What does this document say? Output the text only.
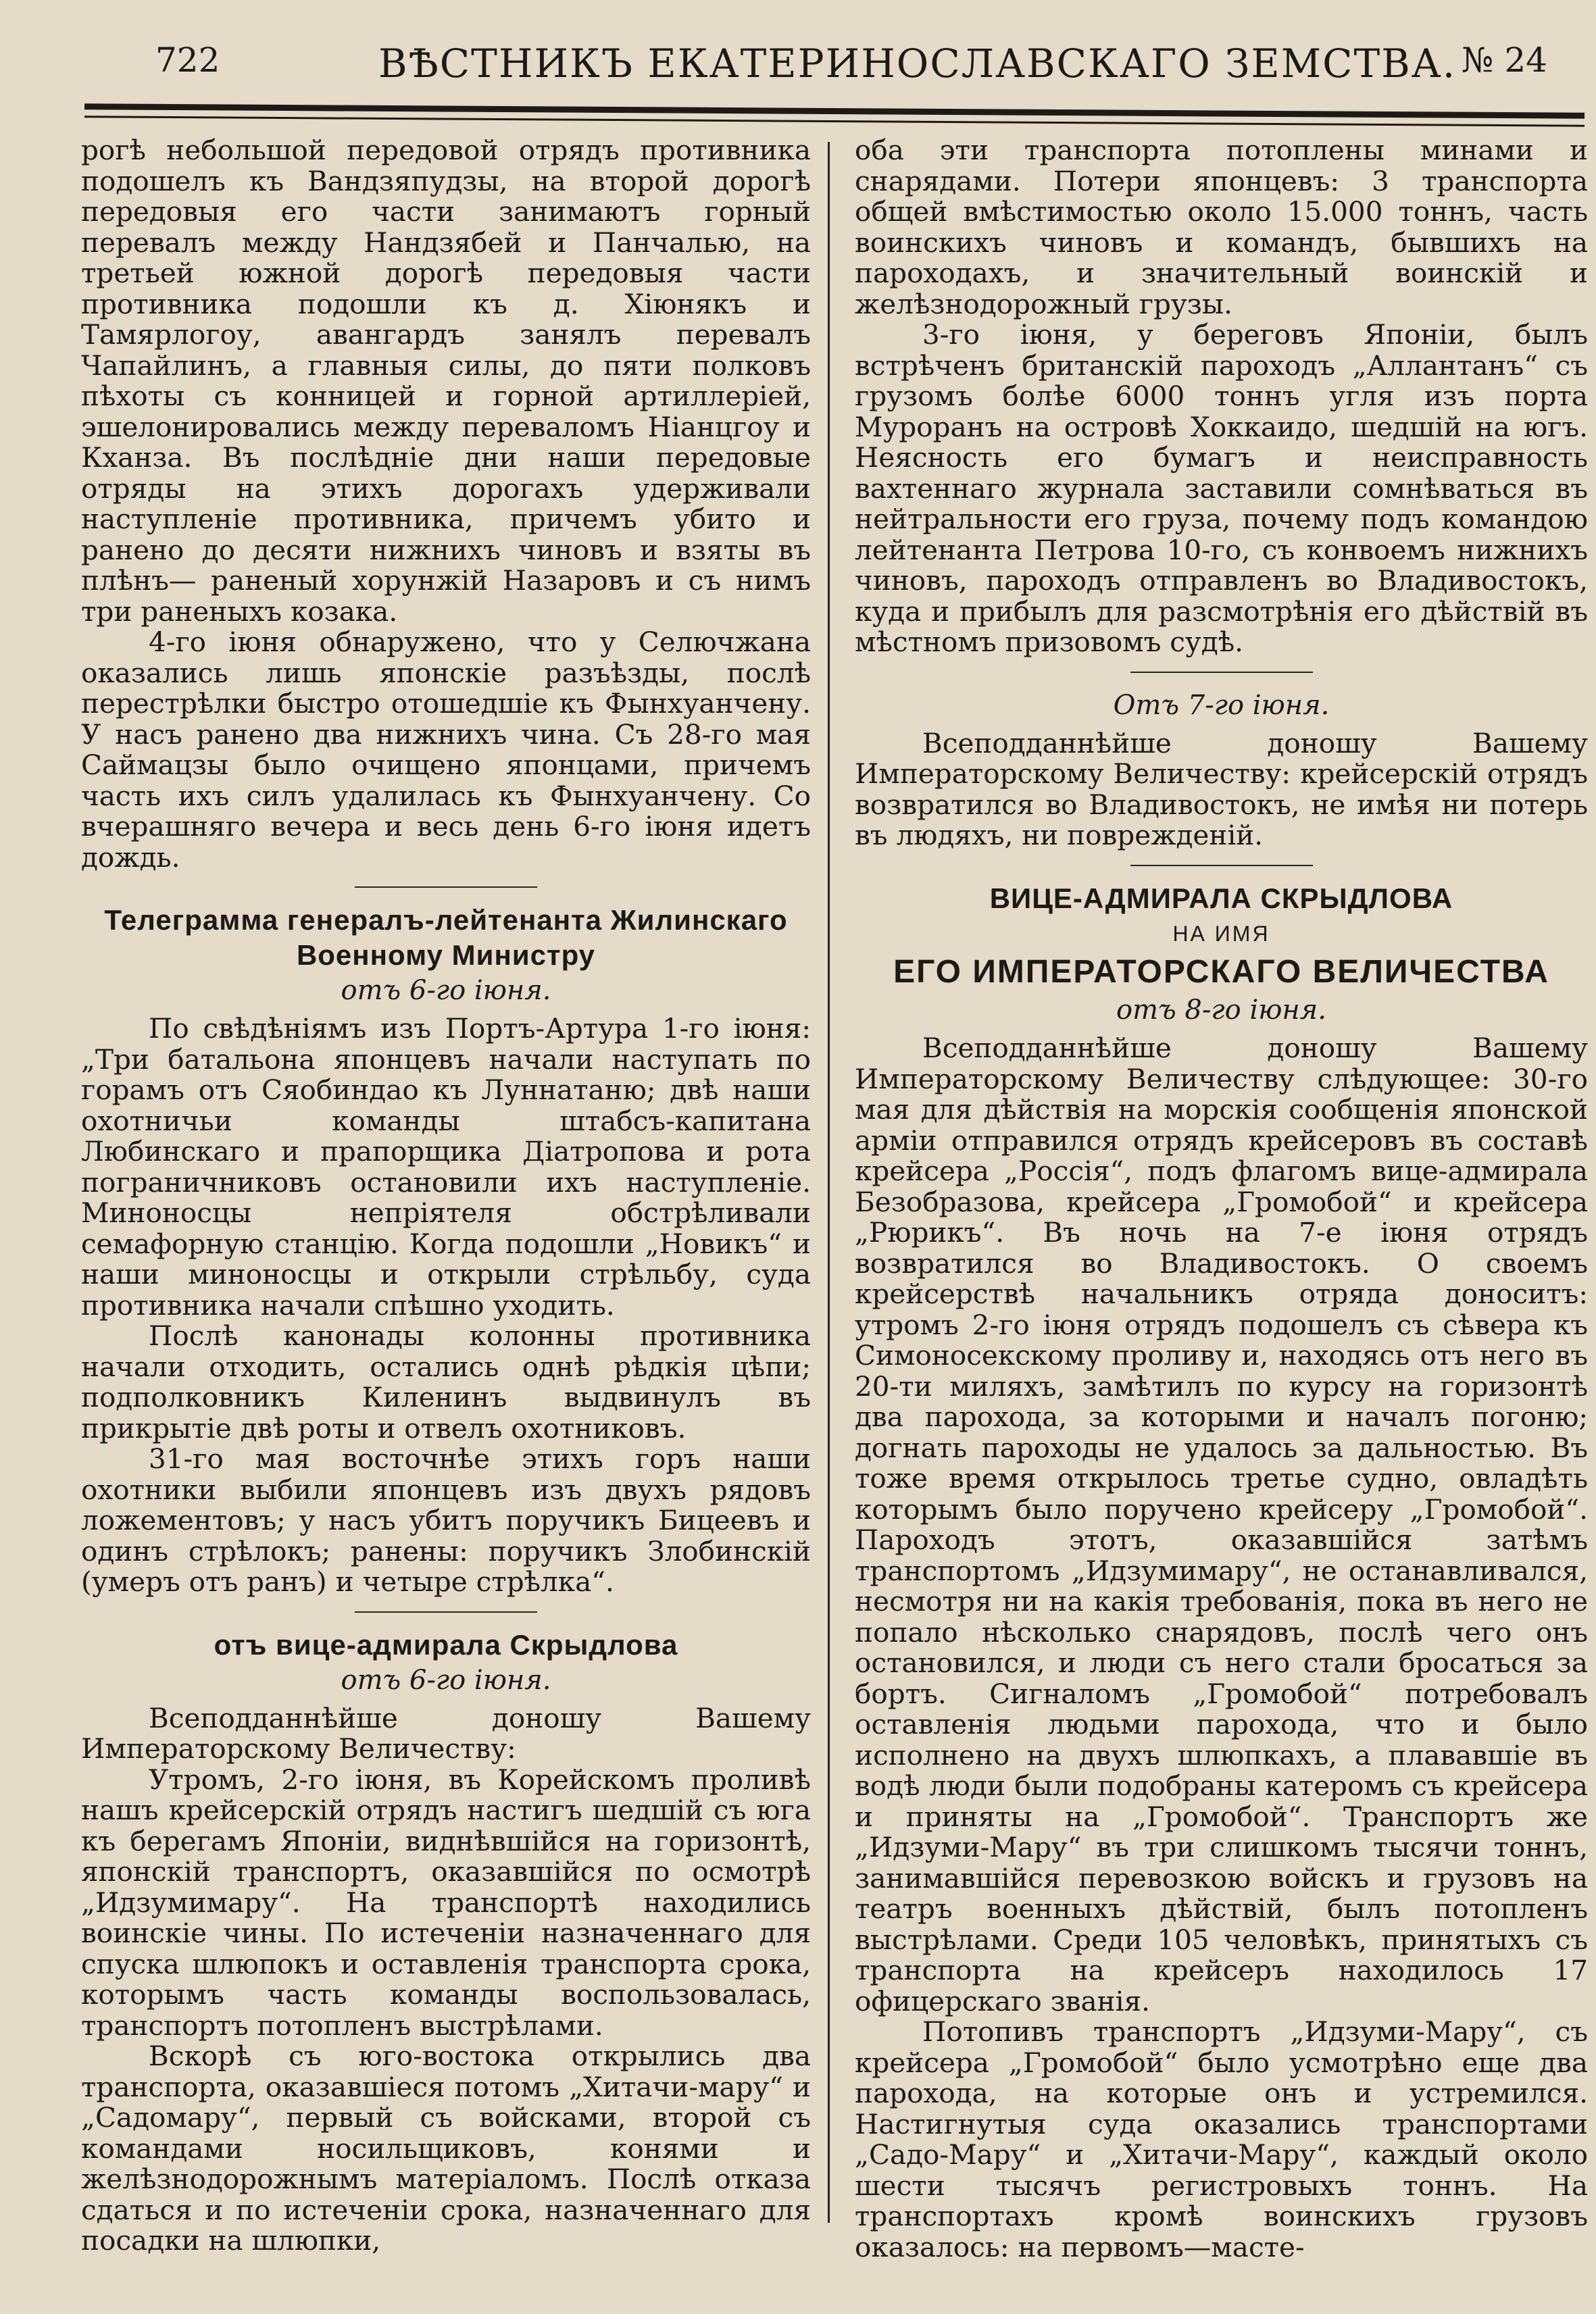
722	ВѢСТНИКЪ ЕКАТЕРИНОСЛАВСКАГО ЗЕМСТВА. № 24

рогѣ небольшой передовой отрядъ противника подошелъ къ Вандзяпудзы, на второй дорогѣ передовыя его части занимаютъ горный перевалъ между Нандзябей и Панчалью, на третьей южной дорогѣ передовыя части противника подошли къ д. Хіюнякъ и Тамярлогоу, авангардъ занялъ перевалъ Чапайлинъ, а главныя силы, до пяти полковъ пѣхоты съ конницей и горной артиллеріей, эшелонировались между переваломъ Ніанцгоу и Кханза. Въ послѣдніе дни наши передовые отряды на этихъ дорогахъ удерживали наступленіе противника, причемъ убито и ранено до десяти нижнихъ чиновъ и взяты въ плѣнъ— раненый хорунжій Назаровъ и съ нимъ три раненыхъ козака.

4-го іюня обнаружено, что у Селючжана оказались лишь японскіе разъѣзды, послѣ перестрѣлки быстро отошедшіе къ Фынхуанчену. У насъ ранено два нижнихъ чина. Съ 28-го мая Саймацзы было очищено японцами, причемъ часть ихъ силъ удалилась къ Фынхуанчену. Со вчерашняго вечера и весь день 6-го іюня идетъ дождь.

Телеграмма генералъ-лейтенанта Жилинскаго Военному Министру
отъ 6-го іюня.

По свѣдѣніямъ изъ Портъ-Артура 1-го іюня: „Три батальона японцевъ начали наступать по горамъ отъ Сяобиндао къ Луннатаню; двѣ наши охотничьи команды штабсъ-капитана Любинскаго и прапорщика Діатропова и рота пограничниковъ остановили ихъ наступленіе. Миноносцы непріятеля обстрѣливали семафорную станцію. Когда подошли „Новикъ“ и наши миноносцы и открыли стрѣльбу, суда противника начали спѣшно уходить.

Послѣ канонады колонны противника начали отходить, остались однѣ рѣдкія цѣпи; подполковникъ Киленинъ выдвинулъ въ прикрытіе двѣ роты и отвелъ охотниковъ.

31-го мая восточнѣе этихъ горъ наши охотники выбили японцевъ изъ двухъ рядовъ ложементовъ; у насъ убитъ поручикъ Бицеевъ и одинъ стрѣлокъ; ранены: поручикъ Злобинскій (умеръ отъ ранъ) и четыре стрѣлка“.

отъ вице-адмирала Скрыдлова
отъ 6-го іюня.

Всеподданнѣйше доношу Вашему Императорскому Величеству:

Утромъ, 2-го іюня, въ Корейскомъ проливѣ нашъ крейсерскій отрядъ настигъ шедшій съ юга къ берегамъ Японіи, виднѣвшійся на горизонтѣ, японскій транспортъ, оказавшійся по осмотрѣ „Идзумимару“. На транспортѣ находились воинскіе чины. По истеченіи назначеннаго для спуска шлюпокъ и оставленія транспорта срока, которымъ часть команды воспользовалась, транспортъ потопленъ выстрѣлами.

Вскорѣ съ юго-востока открылись два транспорта, оказавшіеся потомъ „Хитачи-мару“ и „Садомару“, первый съ войсками, второй съ командами носильщиковъ, конями и желѣзнодорожнымъ матеріаломъ. Послѣ отказа сдаться и по истеченіи срока, назначеннаго для посадки на шлюпки,

оба эти транспорта потоплены минами и снарядами. Потери японцевъ: 3 транспорта общей вмѣстимостью около 15.000 тоннъ, часть воинскихъ чиновъ и командъ, бывшихъ на пароходахъ, и значительный воинскій и желѣзнодорожный грузы.

3-го іюня, у береговъ Японіи, былъ встрѣченъ британскій пароходъ „Аллантанъ“ съ грузомъ болѣе 6000 тоннъ угля изъ порта Муроранъ на островѣ Хоккаидо, шедшій на югъ. Неясность его бумагъ и неисправность вахтеннаго журнала заставили сомнѣваться въ нейтральности его груза, почему подъ командою лейтенанта Петрова 10-го, съ конвоемъ нижнихъ чиновъ, пароходъ отправленъ во Владивостокъ, куда и прибылъ для разсмотрѣнія его дѣйствій въ мѣстномъ призовомъ судѣ.

Отъ 7-го іюня.

Всеподданнѣйше доношу Вашему Императорскому Величеству: крейсерскій отрядъ возвратился во Владивостокъ, не имѣя ни потерь въ людяхъ, ни поврежденій.

ВИЦЕ-АДМИРАЛА СКРЫДЛОВА
НА ИМЯ
ЕГО ИМПЕРАТОРСКАГО ВЕЛИЧЕСТВА
отъ 8-го іюня.

Всеподданнѣйше доношу Вашему Императорскому Величеству слѣдующее: 30-го мая для дѣйствія на морскія сообщенія японской арміи отправился отрядъ крейсеровъ въ составѣ крейсера „Россія“, подъ флагомъ вице-адмирала Безобразова, крейсера „Громобой“ и крейсера „Рюрикъ“. Въ ночь на 7-е іюня отрядъ возвратился во Владивостокъ. О своемъ крейсерствѣ начальникъ отряда доноситъ: утромъ 2-го іюня отрядъ подошелъ съ сѣвера къ Симоносекскому проливу и, находясь отъ него въ 20-ти миляхъ, замѣтилъ по курсу на горизонтѣ два парохода, за которыми и началъ погоню; догнать пароходы не удалось за дальностью. Въ тоже время открылось третье судно, овладѣть которымъ было поручено крейсеру „Громобой“. Пароходъ этотъ, оказавшійся затѣмъ транспортомъ „Идзумимару“, не останавливался, несмотря ни на какія требованія, пока въ него не попало нѣсколько снарядовъ, послѣ чего онъ остановился, и люди съ него стали бросаться за бортъ. Сигналомъ „Громобой“ потребовалъ оставленія людьми парохода, что и было исполнено на двухъ шлюпкахъ, а плававшіе въ водѣ люди были подобраны катеромъ съ крейсера и приняты на „Громобой“. Транспортъ же „Идзуми-Мару“ въ три слишкомъ тысячи тоннъ, занимавшійся перевозкою войскъ и грузовъ на театръ военныхъ дѣйствій, былъ потопленъ выстрѣлами. Среди 105 человѣкъ, принятыхъ съ транспорта на крейсеръ находилось 17 офицерскаго званія.

Потопивъ транспортъ „Идзуми-Мару“, съ крейсера „Громобой“ было усмотрѣно еще два парохода, на которые онъ и устремился. Настигнутыя суда оказались транспортами „Садо-Мару“ и „Хитачи-Мару“, каждый около шести тысячъ регистровыхъ тоннъ. На транспортахъ кромѣ воинскихъ грузовъ оказалось: на первомъ—масте-
